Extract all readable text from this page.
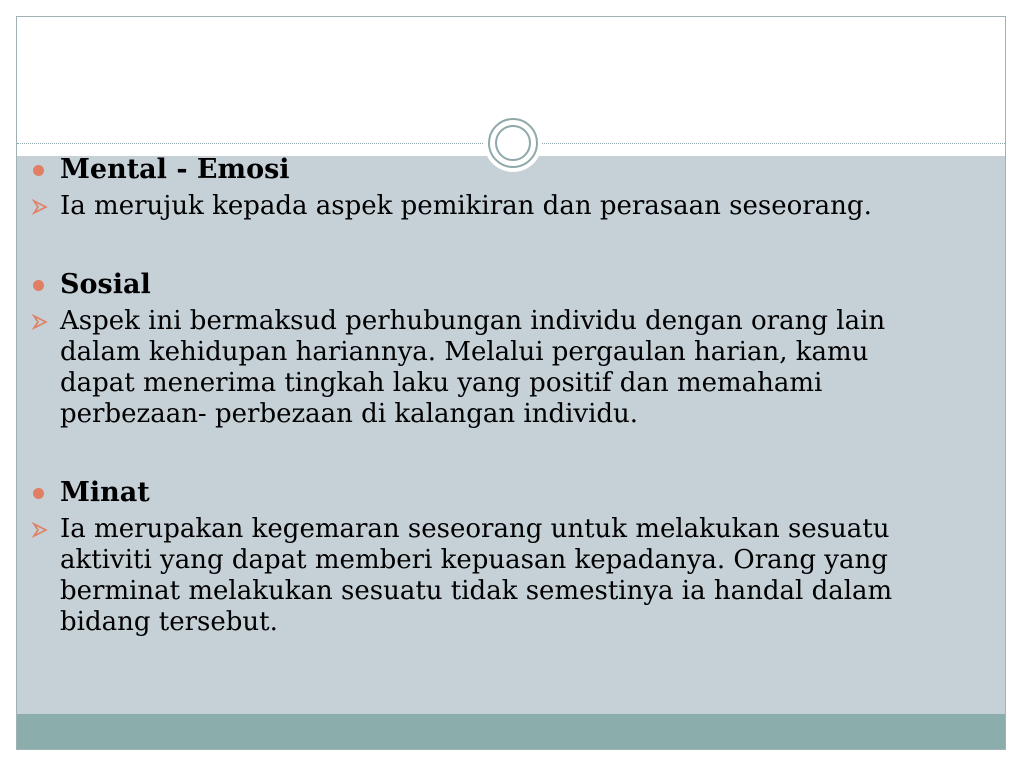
Mental - Emosi
Ia merujuk kepada aspek pemikiran dan perasaan seseorang.
Sosial
Aspek ini bermaksud perhubungan individu dengan orang lain dalam kehidupan hariannya. Melalui pergaulan harian, kamu dapat menerima tingkah laku yang positif dan memahami perbezaan- perbezaan di kalangan individu.
Minat
Ia merupakan kegemaran seseorang untuk melakukan sesuatu aktiviti yang dapat memberi kepuasan kepadanya. Orang yang berminat melakukan sesuatu tidak semestinya ia handal dalam bidang tersebut.
